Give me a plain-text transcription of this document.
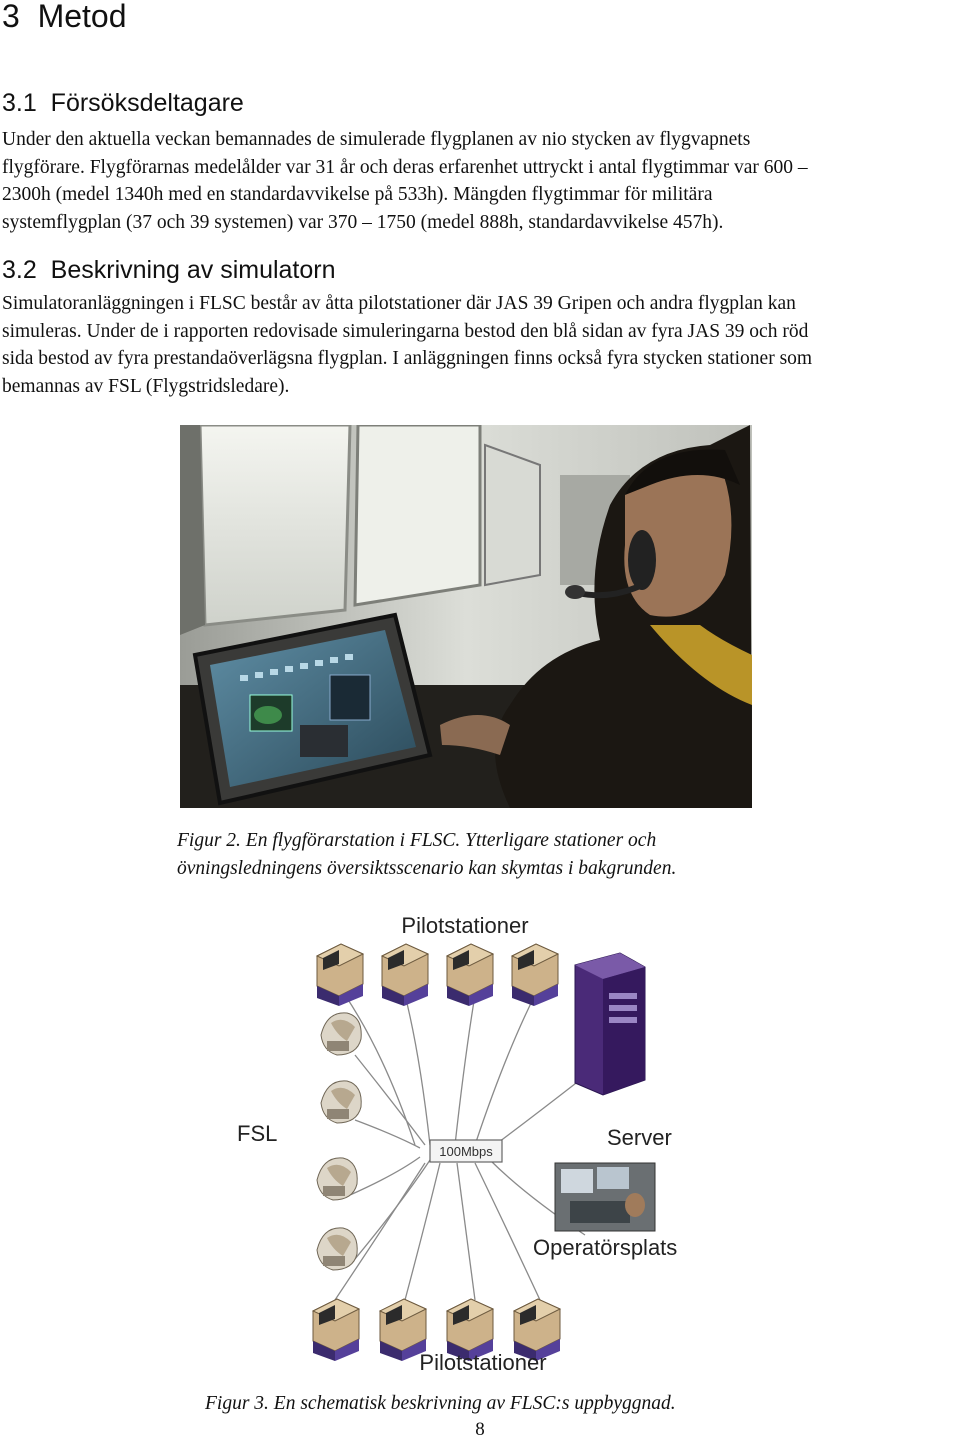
3 Metod
3.1 Försöksdeltagare
Under den aktuella veckan bemannades de simulerade flygplanen av nio stycken av flygvapnets
flygförare. Flygförarnas medelålder var 31 år och deras erfarenhet uttryckt i antal flygtimmar var 600 –
2300h (medel 1340h med en standardavvikelse på 533h). Mängden flygtimmar för militära
systemflygplan (37 och 39 systemen) var 370 – 1750 (medel 888h, standardavvikelse 457h).
3.2 Beskrivning av simulatorn
Simulatoranläggningen i FLSC består av åtta pilotstationer där JAS 39 Gripen och andra flygplan kan
simuleras. Under de i rapporten redovisade simuleringarna bestod den blå sidan av fyra JAS 39 och röd
sida bestod av fyra prestandaöverlägsna flygplan. I anläggningen finns också fyra stycken stationer som
bemannas av FSL (Flygstridsledare).
Figur 2. En flygförarstation i FLSC. Ytterligare stationer och
övningsledningens översiktsscenario kan skymtas i bakgrunden.
Pilotstationer
FSL
100Mbps
Server
Operatörsplats
Pilotstationer
Figur 3. En schematisk beskrivning av FLSC:s uppbyggnad.
8
